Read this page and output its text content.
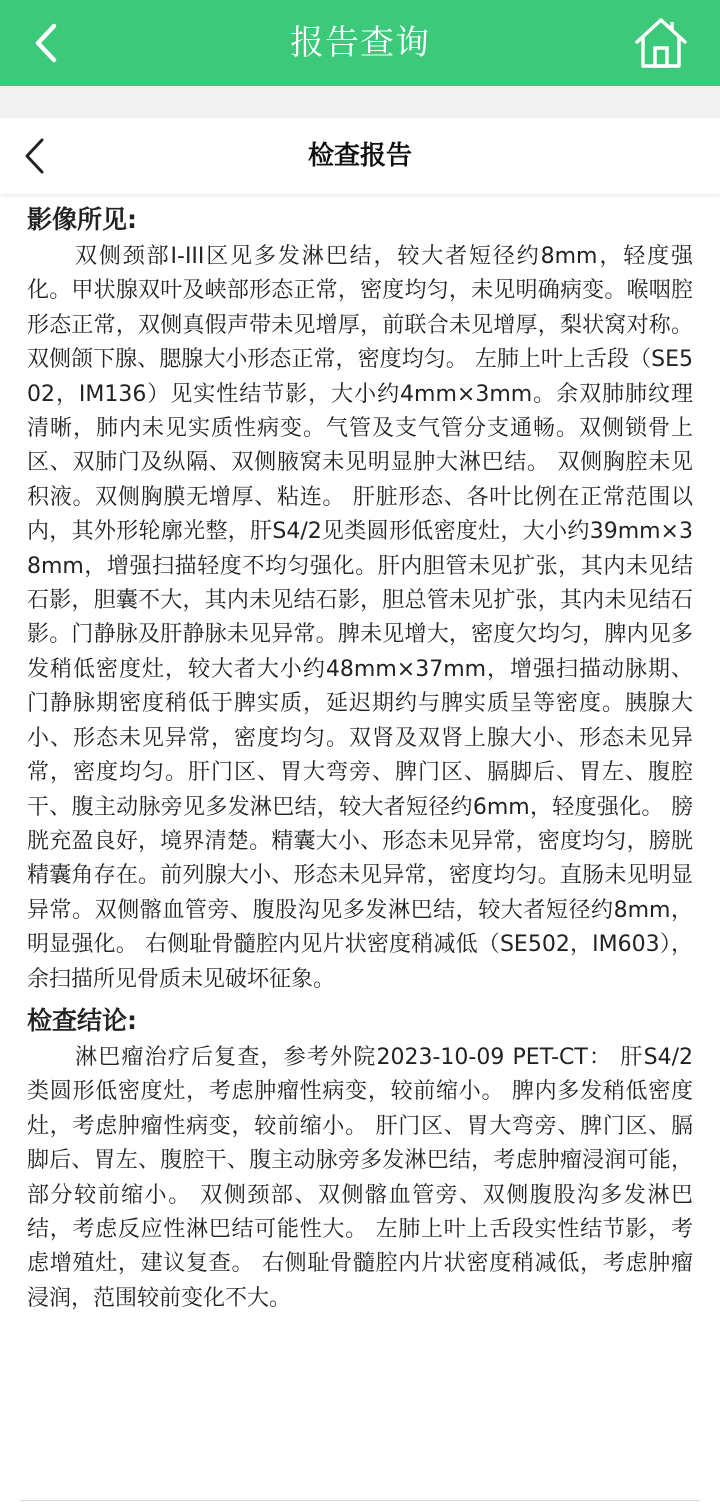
报告查询
检查报告
影像所见:

双侧颈部I-III区见多发淋巴结，较大者短径约8mm，轻度强化。甲状腺双叶及峡部形态正常，密度均匀，未见明确病变。喉咽腔形态正常，双侧真假声带未见增厚，前联合未见增厚，梨状窝对称。双侧颌下腺、腮腺大小形态正常，密度均匀。 左肺上叶上舌段（SE502，IM136）见实性结节影，大小约4mm×3mm。余双肺肺纹理清晰，肺内未见实质性病变。气管及支气管分支通畅。双侧锁骨上区、双肺门及纵隔、双侧腋窝未见明显肿大淋巴结。 双侧胸腔未见积液。双侧胸膜无增厚、粘连。 肝脏形态、各叶比例在正常范围以内，其外形轮廓光整，肝S4/2见类圆形低密度灶，大小约39mm×38mm，增强扫描轻度不均匀强化。肝内胆管未见扩张，其内未见结石影，胆囊不大，其内未见结石影，胆总管未见扩张，其内未见结石影。门静脉及肝静脉未见异常。脾未见增大，密度欠均匀，脾内见多发稍低密度灶，较大者大小约48mm×37mm，增强扫描动脉期、门静脉期密度稍低于脾实质，延迟期约与脾实质呈等密度。胰腺大小、形态未见异常，密度均匀。双肾及双肾上腺大小、形态未见异常，密度均匀。肝门区、胃大弯旁、脾门区、膈脚后、胃左、腹腔干、腹主动脉旁见多发淋巴结，较大者短径约6mm，轻度强化。 膀胱充盈良好，境界清楚。精囊大小、形态未见异常，密度均匀，膀胱精囊角存在。前列腺大小、形态未见异常，密度均匀。直肠未见明显异常。双侧髂血管旁、腹股沟见多发淋巴结，较大者短径约8mm，明显强化。 右侧耻骨髓腔内见片状密度稍减低（SE502，IM603），余扫描所见骨质未见破坏征象。

检查结论:

淋巴瘤治疗后复查，参考外院2023-10-09 PET-CT： 肝S4/2类圆形低密度灶，考虑肿瘤性病变，较前缩小。 脾内多发稍低密度灶，考虑肿瘤性病变，较前缩小。 肝门区、胃大弯旁、脾门区、膈脚后、胃左、腹腔干、腹主动脉旁多发淋巴结，考虑肿瘤浸润可能，部分较前缩小。 双侧颈部、双侧髂血管旁、双侧腹股沟多发淋巴结，考虑反应性淋巴结可能性大。 左肺上叶上舌段实性结节影，考虑增殖灶，建议复查。 右侧耻骨髓腔内片状密度稍减低，考虑肿瘤浸润，范围较前变化不大。
